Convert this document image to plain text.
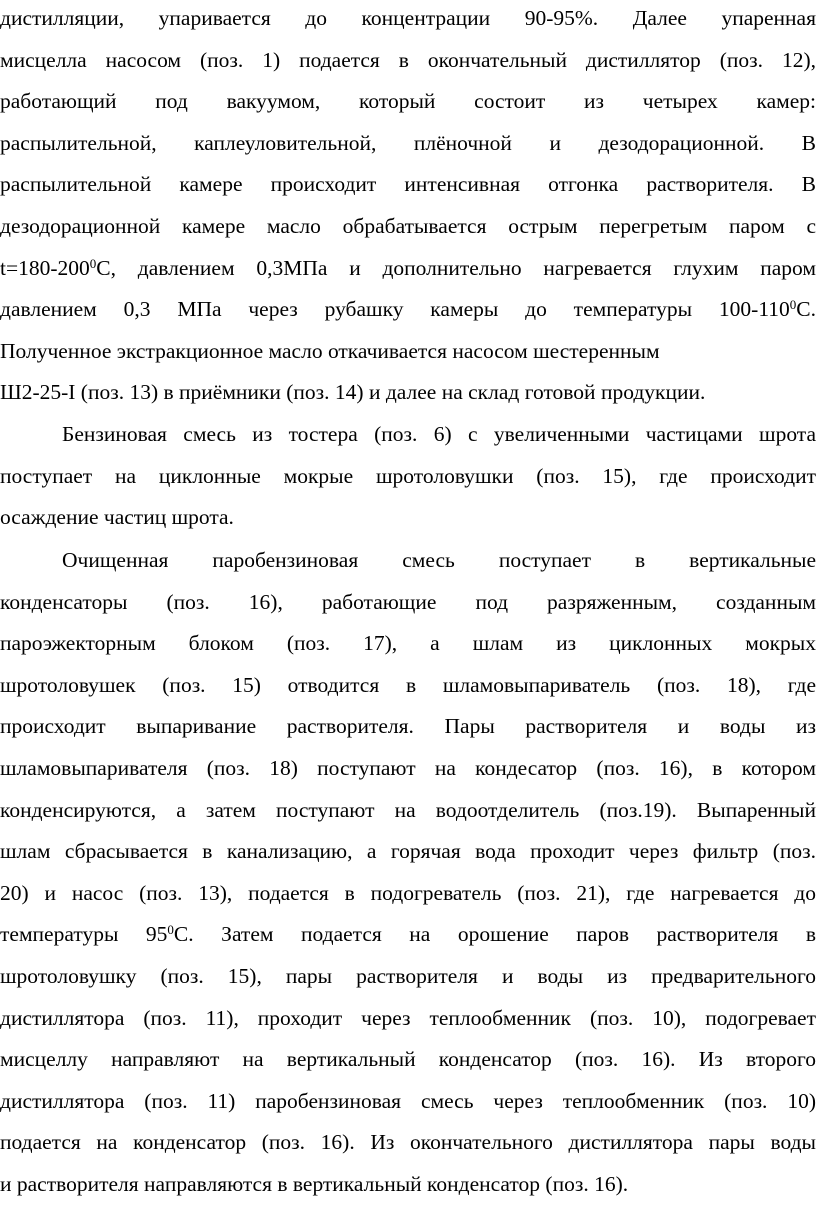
дистилляции, упаривается до концентрации 90-95%. Далее упаренная
мисцелла насосом (поз. 1) подается в окончательный дистиллятор (поз. 12),
работающий под вакуумом, который состоит из четырех камер:
распылительной, каплеуловительной, плёночной и дезодорационной. В
распылительной камере происходит интенсивная отгонка растворителя. В
дезодорационной камере масло обрабатывается острым перегретым паром с
$t=180-200^0С$, давлением 0,3МПа и дополнительно нагревается глухим паром
давлением 0,3 МПа через рубашку камеры до температуры $100-110^0С$.
Полученное экстракционное масло откачивается насосом шестеренным
Ш2-25-I (поз. 13) в приёмники (поз. 14) и далее на склад готовой продукции.
Бензиновая смесь из тостера (поз. 6) с увеличенными частицами шрота
поступает на циклонные мокрые шротоловушки (поз. 15), где происходит
осаждение частиц шрота.
Очищенная паробензиновая смесь поступает в вертикальные
конденсаторы (поз. 16), работающие под разряженным, созданным
пароэжекторным блоком (поз. 17), а шлам из циклонных мокрых
шротоловушек (поз. 15) отводится в шламовыпариватель (поз. 18), где
происходит выпаривание растворителя. Пары растворителя и воды из
шламовыпаривателя (поз. 18) поступают на кондесатор (поз. 16), в котором
конденсируются, а затем поступают на водоотделитель (поз.19). Выпаренный
шлам сбрасывается в канализацию, а горячая вода проходит через фильтр (поз.
20) и насос (поз. 13), подается в подогреватель (поз. 21), где нагревается до
температуры $95^0С$. Затем подается на орошение паров растворителя в
шротоловушку (поз. 15), пары растворителя и воды из предварительного
дистиллятора (поз. 11), проходит через теплообменник (поз. 10), подогревает
мисцеллу направляют на вертикальный конденсатор (поз. 16). Из второго
дистиллятора (поз. 11) паробензиновая смесь через теплообменник (поз. 10)
подается на конденсатор (поз. 16). Из окончательного дистиллятора пары воды
и растворителя направляются в вертикальный конденсатор (поз. 16).
